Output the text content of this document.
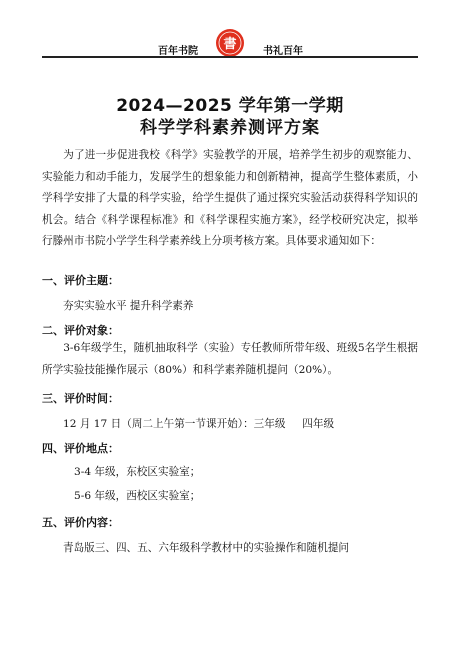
百年书院 書	书礼百年
2024—2025 学年第一学期
科学学科素养测评方案
为了进一步促进我校《科学》实验教学的开展，培养学生初步的观察能力、实验能力和动手能力，发展学生的想象能力和创新精神，提高学生整体素质，小学科学安排了大量的科学实验，给学生提供了通过探究实验活动获得科学知识的机会。结合《科学课程标准》和《科学课程实施方案》，经学校研究决定，拟举行滕州市书院小学学生科学素养线上分项考核方案。具体要求通知如下：
一、评价主题：
夯实实验水平 提升科学素养
二、评价对象：
3-6年级学生，随机抽取科学（实验）专任教师所带年级、班级5名学生根据所学实验技能操作展示（80%）和科学素养随机提问（20%）。
三、评价时间：
12 月 17 日（周二上午第一节课开始）：三年级     四年级
四、评价地点：
3-4 年级，东校区实验室；
5-6 年级，西校区实验室；
五、评价内容：
青岛版三、四、五、六年级科学教材中的实验操作和随机提问
